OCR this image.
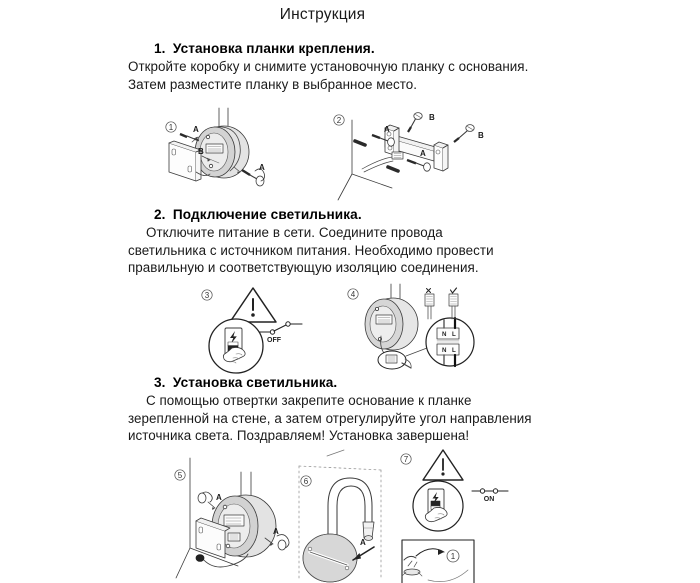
Инструкция

1. Установка планки крепления.

Откройте коробку и снимите установочную планку с основания.
Затем разместите планку в выбранное место.

1 A
B
A
2	B
B
A
A

2. Подключение светильника.

Отключите питание в сети. Соедините провода
светильника с источником питания. Необходимо провести
правильную и соответствующую изоляцию соединения.

3
OFF
4
N L
N L

3. Установка светильника.

С помощью отвертки закрепите основание к планке
зерепленной на стене, а затем отрегулируйте угол направления
источника света. Поздравляем! Установка завершена!

5
A
A
6
A
7
ON
1
